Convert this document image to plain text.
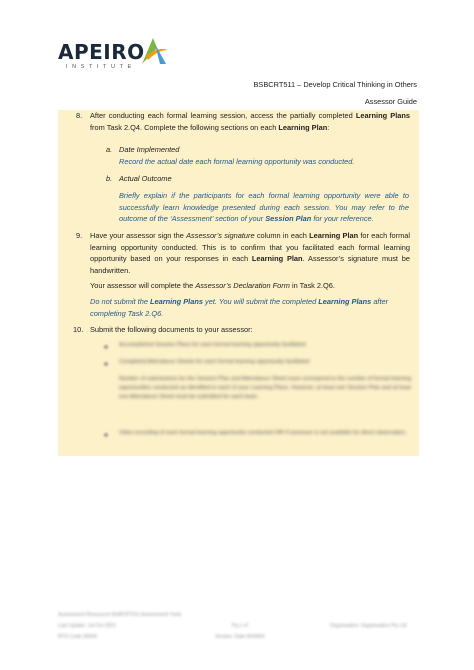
APEIRO
INSTITUTE
BSBCRT511 – Develop Critical Thinking in Others
Assessor Guide
8. After conducting each formal learning session, access the partially completed Learning Plans from Task 2.Q4. Complete the following sections on each Learning Plan:
a. Date Implemented
Record the actual date each formal learning opportunity was conducted.
b. Actual Outcome
Briefly explain if the participants for each formal learning opportunity were able to successfully learn knowledge presented during each session. You may refer to the outcome of the ‘Assessment’ section of your Session Plan for your reference.
9. Have your assessor sign the Assessor’s signature column in each Learning Plan for each formal learning opportunity conducted. This is to confirm that you facilitated each formal learning opportunity based on your responses in each Learning Plan. Assessor’s signature must be handwritten.
Your assessor will complete the Assessor’s Declaration Form in Task 2.Q6.
Do not submit the Learning Plans yet. You will submit the completed Learning Plans after completing Task 2.Q6.
10. Submit the following documents to your assessor:
Accomplished Session Plans for each formal learning opportunity facilitated
Completed Attendance Sheets for each formal learning opportunity facilitated
Number of submissions for the Session Plan and Attendance Sheet must correspond to the number of formal learning opportunities conducted as identified in each of your Learning Plans. However, at least one Session Plan and at least one Attendance Sheet must be submitted for each team.
Video recording of each formal learning opportunity conducted OR/ if assessor is not available for direct observation.
Assessment Resources BSBCRT511 Assessment Tools
Last Update: 1st Oct 2021	Pg 1 of	Organisation: Organisation Pty Ltd
RTO Code 00000	Version: Date 00/0000
